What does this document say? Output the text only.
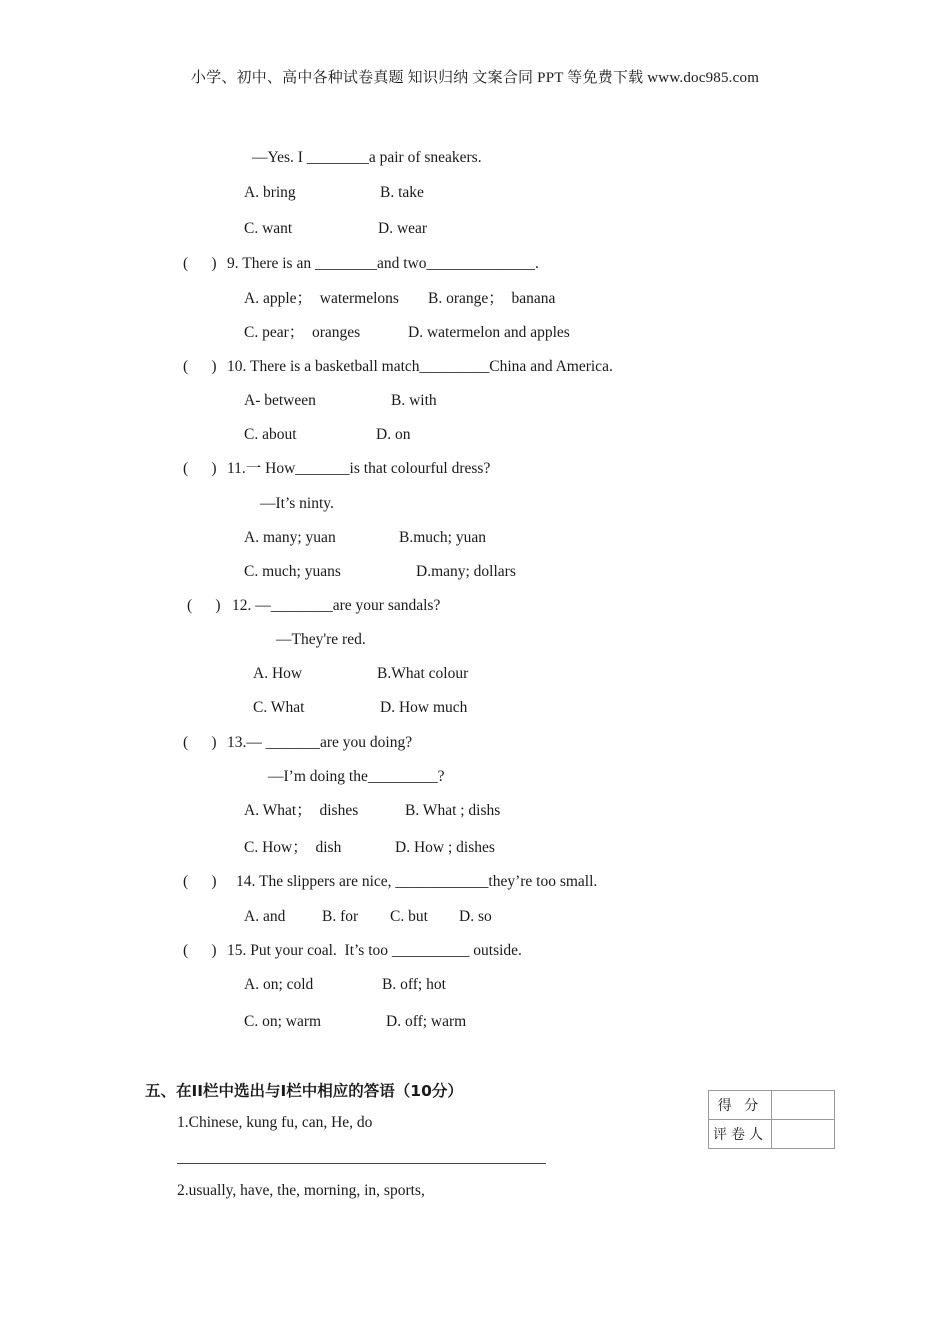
小学、初中、高中各种试卷真题 知识归纳 文案合同 PPT 等免费下载 www.doc985.com
—Yes. I ________a pair of sneakers.
A. bring	B. take
C. want	D. wear
(      ) 9. There is an ________and two______________.
A. apple；  watermelons B. orange；  banana
C. pear；  oranges	D. watermelon and apples
(      ) 10. There is a basketball match_________China and America.
A- between	B. with
C. about	D. on
(      ) 11.一 How_______is that colourful dress?
—It’s ninty.
A. many; yuan	B.much; yuan
C. much; yuans	D.many; dollars
(      ) 12. —________are your sandals?
—They're red.
A. How	B.What colour
C. What	D. How much
(      ) 13.— _______are you doing?
—I’m doing the_________?
A. What；  dishes	B. What ; dishs
C. How；  dish	D. How ; dishes
(      ) 14. The slippers are nice, ____________they’re too small.
A. and B. for C. but D. so
(      ) 15. Put your coal.  It’s too __________ outside.
A. on; cold	B. off; hot
C. on; warm	D. off; warm
五、在II栏中选出与I栏中相应的答语（10分）
1.Chinese, kung fu, can, He, do
2.usually, have, the, morning, in, sports,
得 分	
评卷人	
